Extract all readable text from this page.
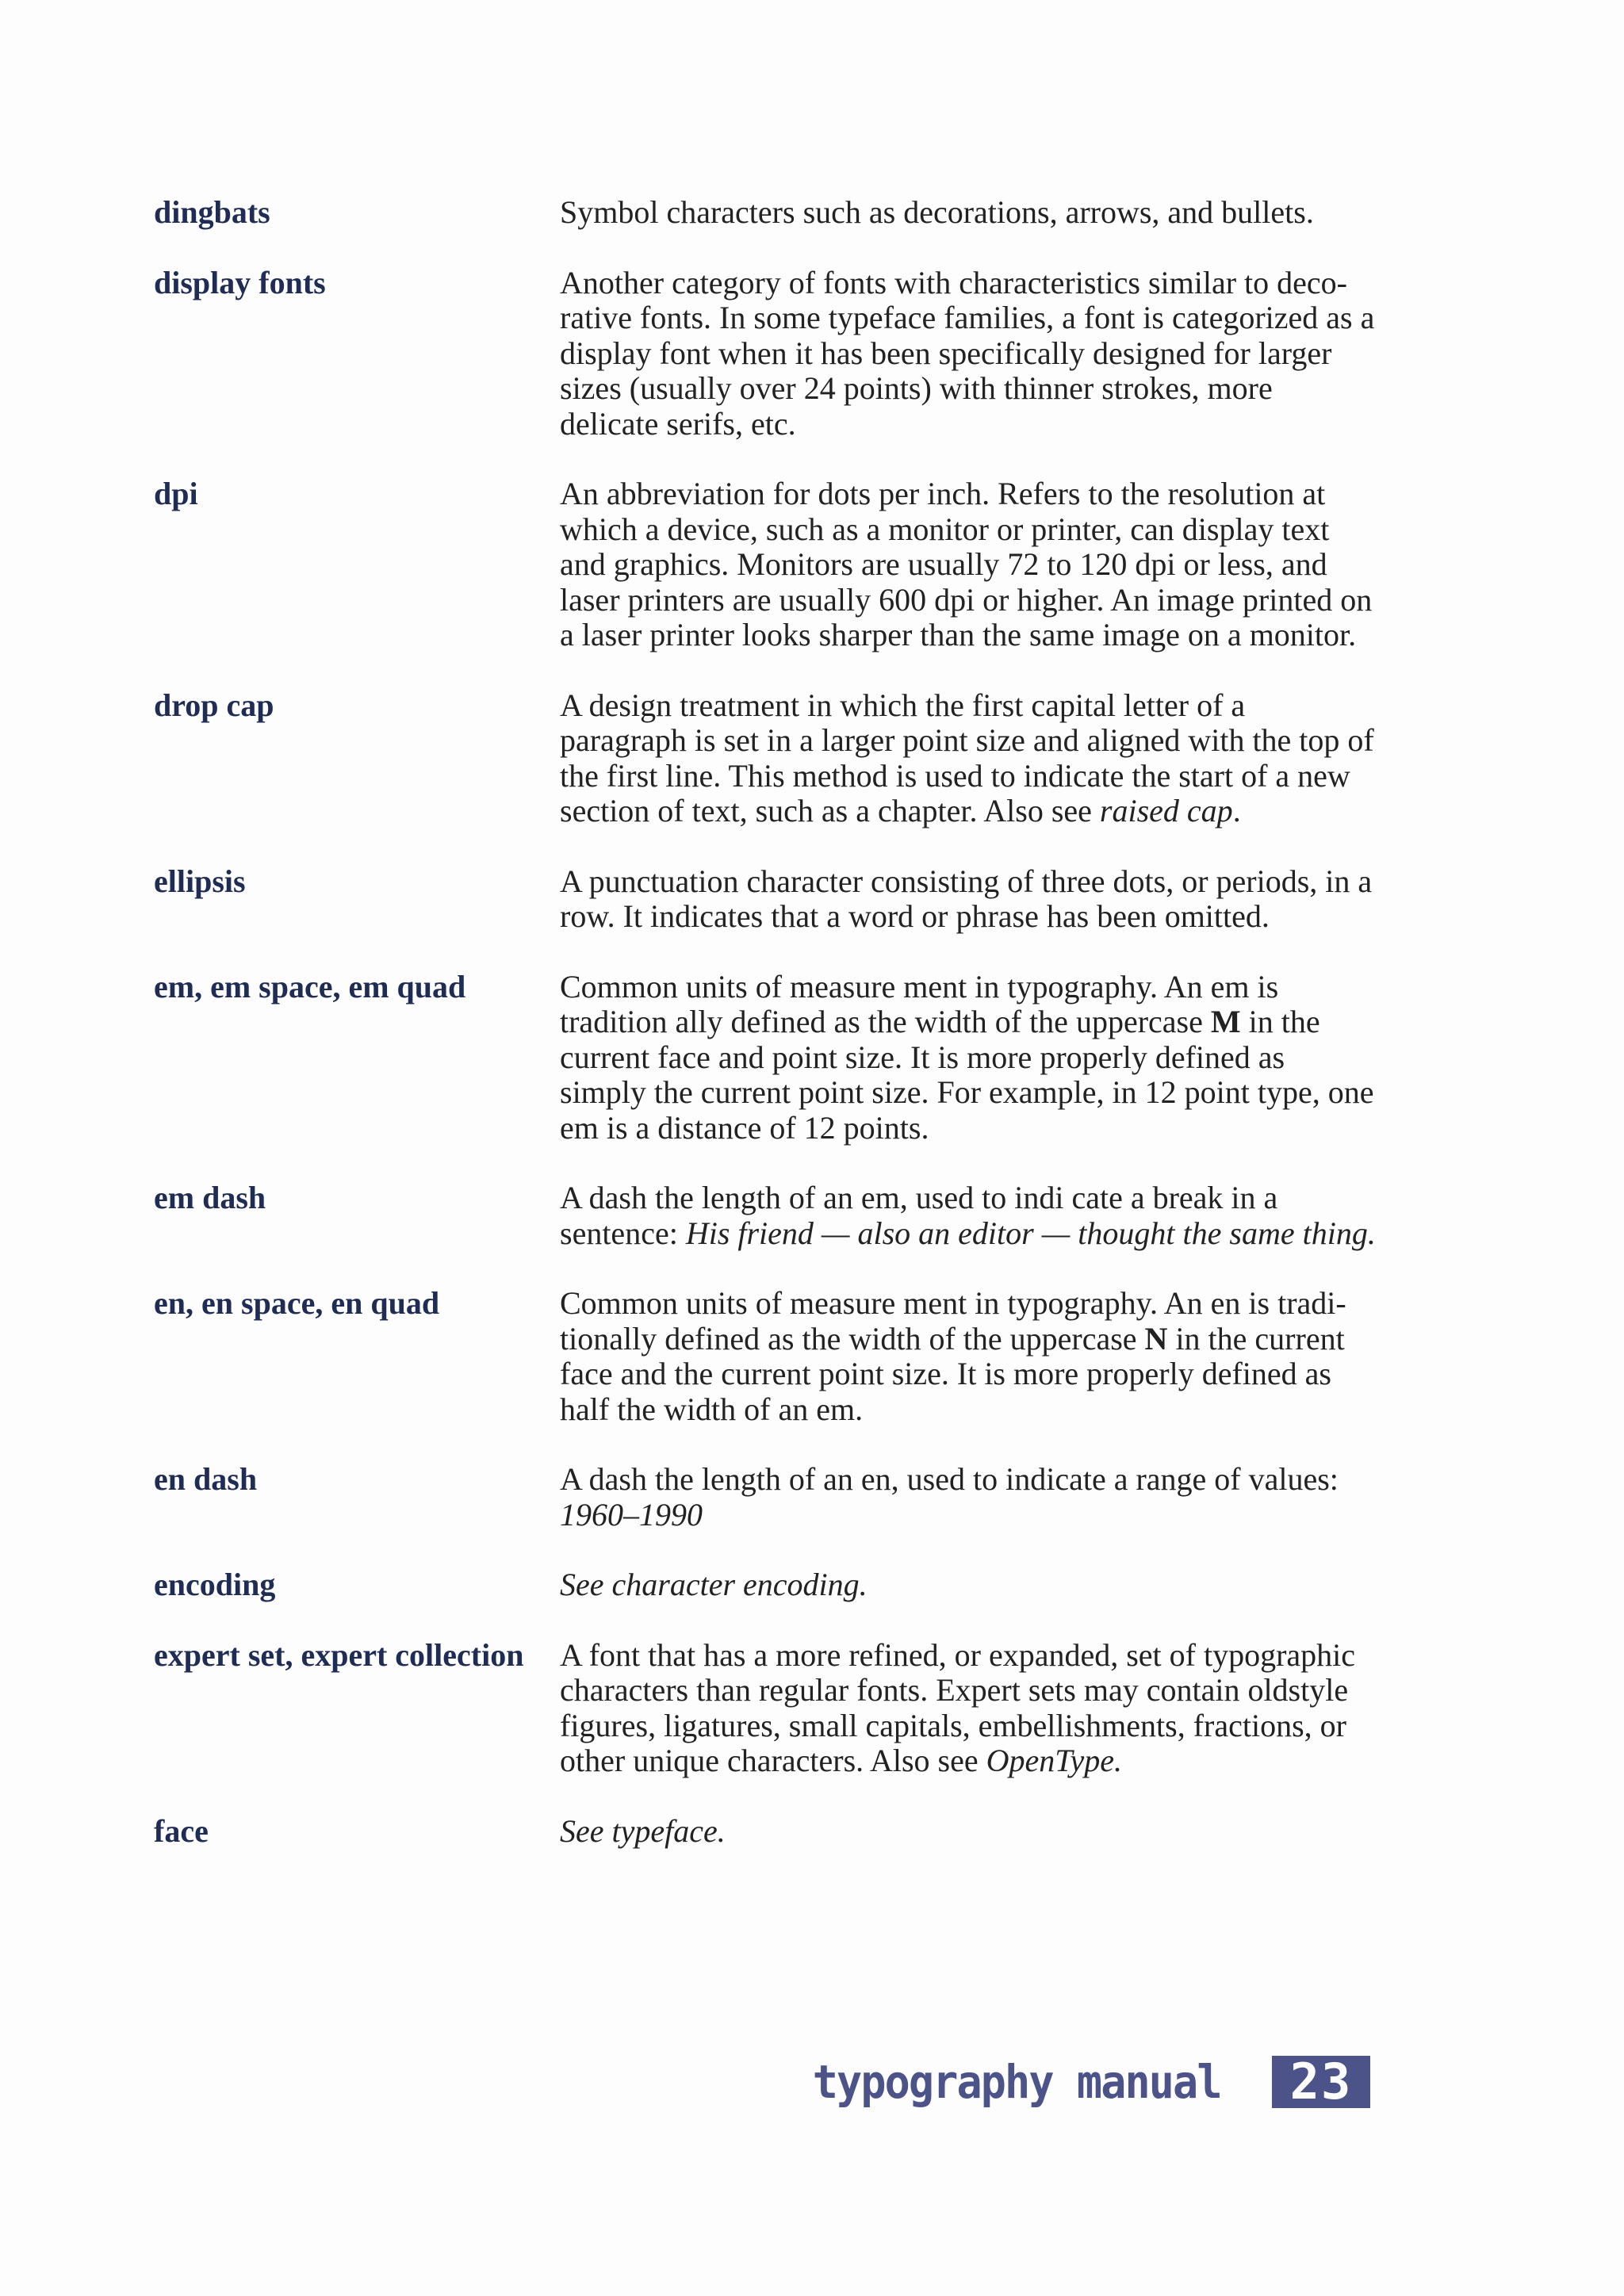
dingbats	Symbol characters such as decorations, arrows, and bullets.
display fonts	Another category of fonts with characteristics similar to deco-rative fonts. In some typeface families, a font is categorized as a display font when it has been specifically designed for larger sizes (usually over 24 points) with thinner strokes, more delicate serifs, etc.
dpi	An abbreviation for dots per inch. Refers to the resolution at which a device, such as a monitor or printer, can display text and graphics. Monitors are usually 72 to 120 dpi or less, and laser printers are usually 600 dpi or higher. An image printed on a laser printer looks sharper than the same image on a monitor.
drop cap	A design treatment in which the first capital letter of a paragraph is set in a larger point size and aligned with the top of the first line. This method is used to indicate the start of a new section of text, such as a chapter. Also see raised cap.
ellipsis	A punctuation character consisting of three dots, or periods, in a row. It indicates that a word or phrase has been omitted.
em, em space, em quad	Common units of measure ment in typography. An em is tradition ally defined as the width of the uppercase M in the current face and point size. It is more properly defined as simply the current point size. For example, in 12 point type, one em is a distance of 12 points.
em dash	A dash the length of an em, used to indi cate a break in a sentence: His friend — also an editor — thought the same thing.
en, en space, en quad	Common units of measure ment in typography. An en is tradi-tionally defined as the width of the uppercase N in the current face and the current point size. It is more properly defined as half the width of an em.
en dash	A dash the length of an en, used to indicate a range of values: 1960–1990
encoding	See character encoding.
expert set, expert collection	A font that has a more refined, or expanded, set of typographic characters than regular fonts. Expert sets may contain oldstyle figures, ligatures, small capitals, embellishments, fractions, or other unique characters. Also see OpenType.
face	See typeface.
typography manual	23
